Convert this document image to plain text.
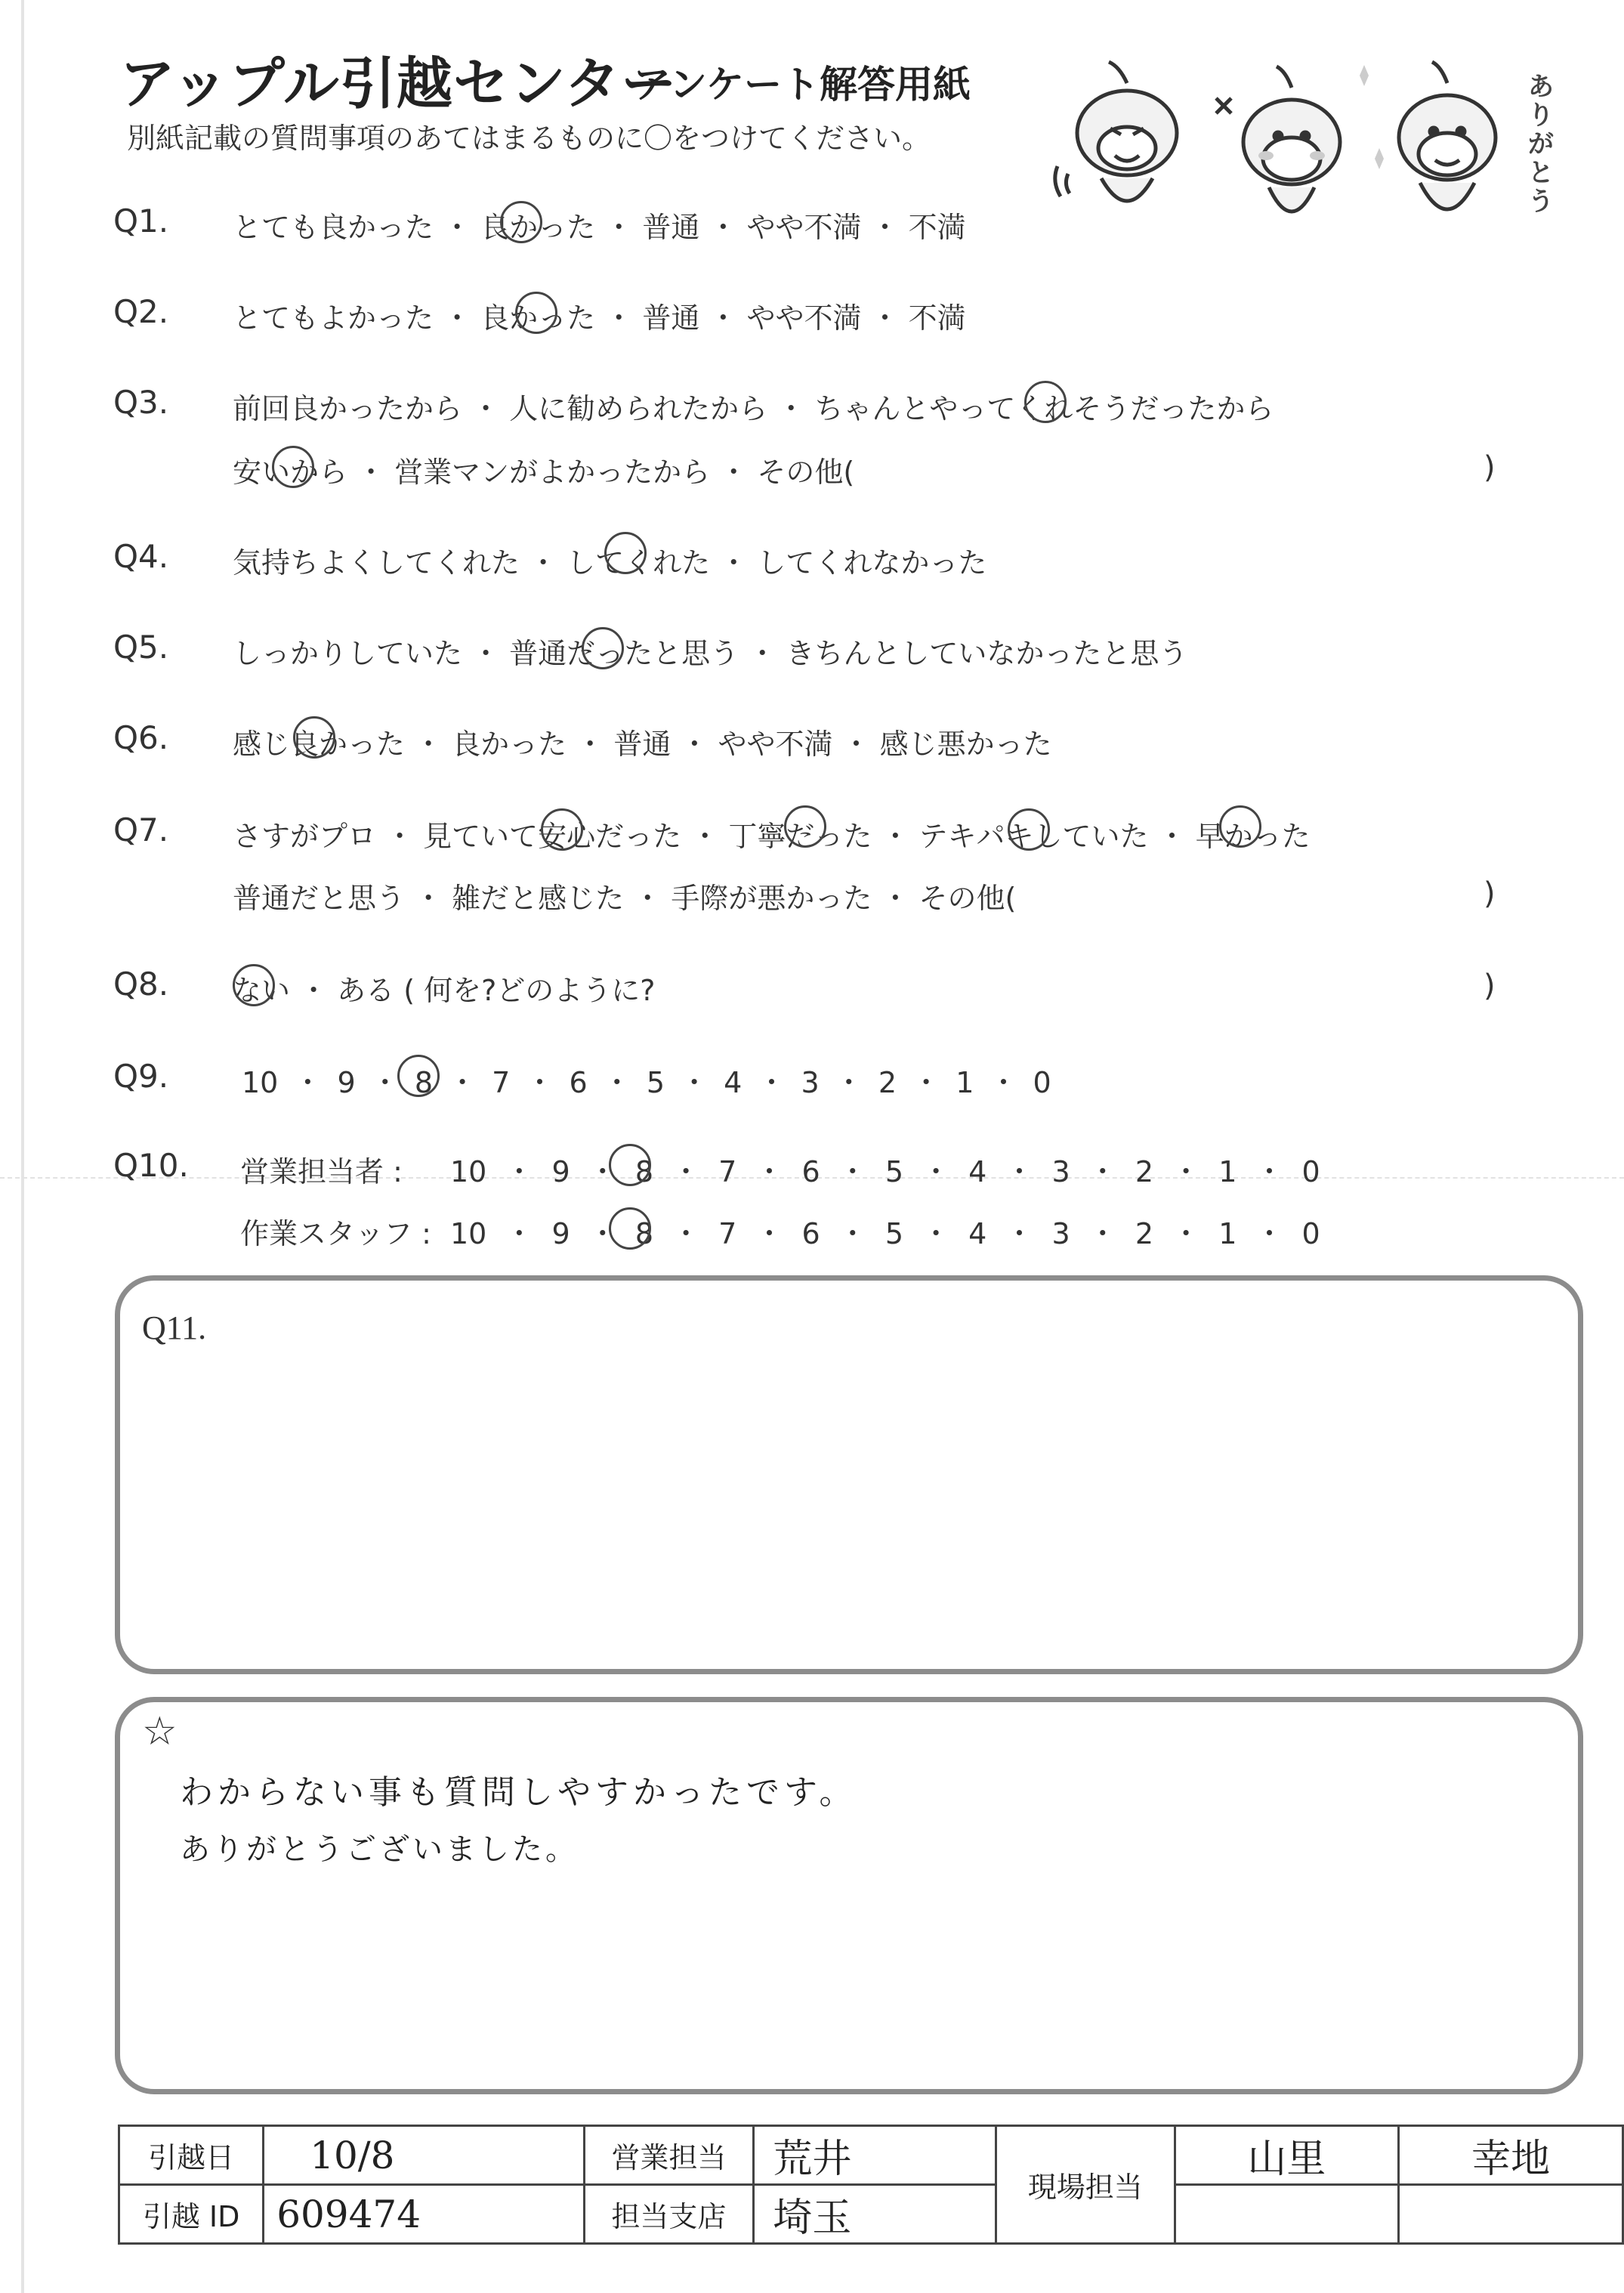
アップル引越センター
アンケート解答用紙
別紙記載の質問事項のあてはまるものに〇をつけてください。
ありがとう
Q1. とても良かった ・ 良かった ・ 普通 ・ やや不満 ・ 不満
Q2. とてもよかった ・ 良かった ・ 普通 ・ やや不満 ・ 不満
Q3. 前回良かったから ・ 人に勧められたから ・ ちゃんとやってくれそうだったから
安いから ・ 営業マンがよかったから ・ その他(	)
Q4. 気持ちよくしてくれた ・ してくれた ・ してくれなかった
Q5. しっかりしていた ・ 普通だったと思う ・ きちんとしていなかったと思う
Q6. 感じ良かった ・ 良かった ・ 普通 ・ やや不満 ・ 感じ悪かった
Q7. さすがプロ ・ 見ていて安心だった ・ 丁寧だった ・ テキパキしていた ・ 早かった
普通だと思う ・ 雑だと感じた ・ 手際が悪かった ・ その他(	)
Q8. ない ・ ある ( 何を?どのように?	)
Q9.	10 ・ 9 ・ 8 ・ 7 ・ 6 ・ 5 ・ 4 ・ 3 ・ 2 ・ 1 ・ 0
Q10. 営業担当者 : 10 ・ 9 ・ 8 ・ 7 ・ 6 ・ 5 ・ 4 ・ 3 ・ 2 ・ 1 ・ 0
作業スタッフ : 10 ・ 9 ・ 8 ・ 7 ・ 6 ・ 5 ・ 4 ・ 3 ・ 2 ・ 1 ・ 0
Q11.
☆
わからない事も質問しやすかったです。
ありがとうございました。
引越日	10/8	営業担当	荒井	現場担当	山里	幸地
引越 ID	609474	担当支店	埼玉			
